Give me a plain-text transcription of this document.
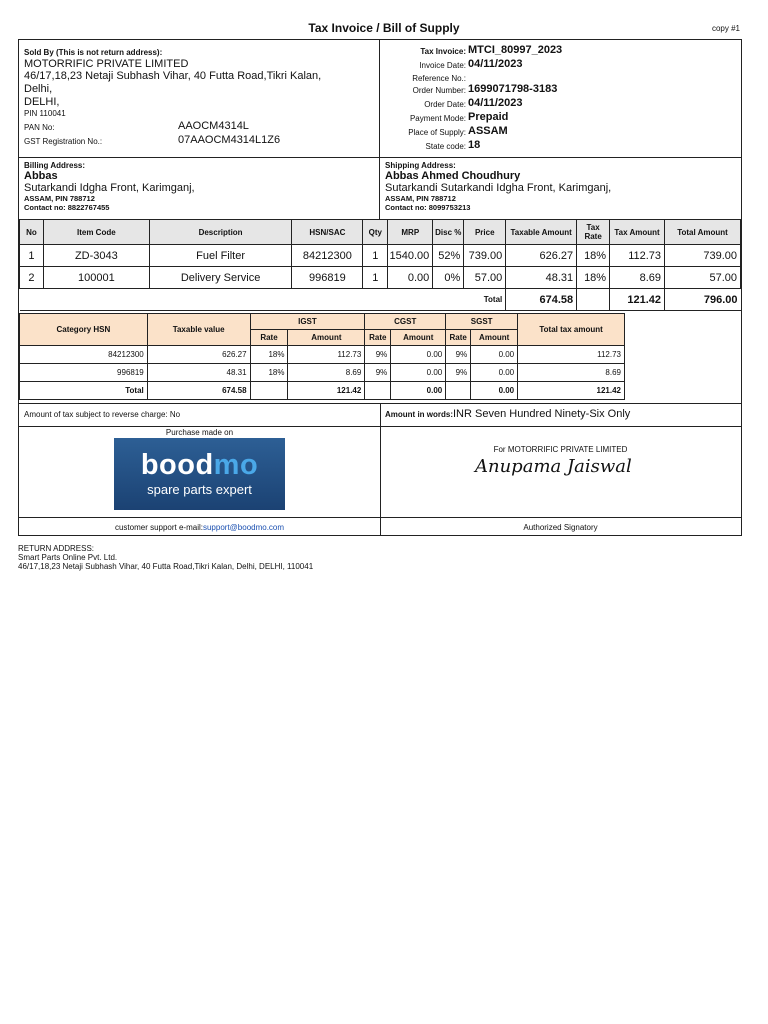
Tax Invoice / Bill of Supply	copy #1
Sold By (This is not return address):
MOTORRIFIC PRIVATE LIMITED
46/17,18,23 Netaji Subhash Vihar, 40 Futta Road,Tikri Kalan,
Delhi,
DELHI,
PIN 110041
PAN No:	AAOCM4314L
GST Registration No.:	07AAOCM4314L1Z6
Tax Invoice: MTCI_80997_2023
Invoice Date: 04/11/2023
Reference No.:
Order Number: 1699071798-3183
Order Date: 04/11/2023
Payment Mode: Prepaid
Place of Supply: ASSAM
State code: 18
Billing Address:
Abbas
Sutarkandi Idgha Front, Karimganj,
ASSAM, PIN 788712
Contact no: 8822767455
Shipping Address:
Abbas Ahmed Choudhury
Sutarkandi Sutarkandi Idgha Front, Karimganj,
ASSAM, PIN 788712
Contact no: 8099753213
No	Item Code	Description	HSN/SAC	Qty	MRP	Disc %	Price	Taxable Amount	Tax Rate	Tax Amount	Total Amount
1	ZD-3043	Fuel Filter	84212300	1	1540.00	52%	739.00	626.27	18%	112.73	739.00
2	100001	Delivery Service	996819	1	0.00	0%	57.00	48.31	18%	8.69	57.00
Total								674.58		121.42	796.00
Category HSN	Taxable value	IGST		CGST		SGST		Total tax amount
		Rate	Amount	Rate	Amount	Rate	Amount	
84212300	626.27	18%	112.73	9%	0.00	9%	0.00	112.73
996819	48.31	18%	8.69	9%	0.00	9%	0.00	8.69
Total	674.58		121.42		0.00		0.00	121.42
Amount of tax subject to reverse charge: No	Amount in words:INR Seven Hundred Ninety-Six Only
Purchase made on
boodmo
spare parts expert
For MOTORRIFIC PRIVATE LIMITED
Anupama Jaiswal
customer support e-mail:support@boodmo.com	Authorized Signatory
RETURN ADDRESS:
Smart Parts Online Pvt. Ltd.
46/17,18,23 Netaji Subhash Vihar, 40 Futta Road,Tikri Kalan, Delhi, DELHI, 110041
